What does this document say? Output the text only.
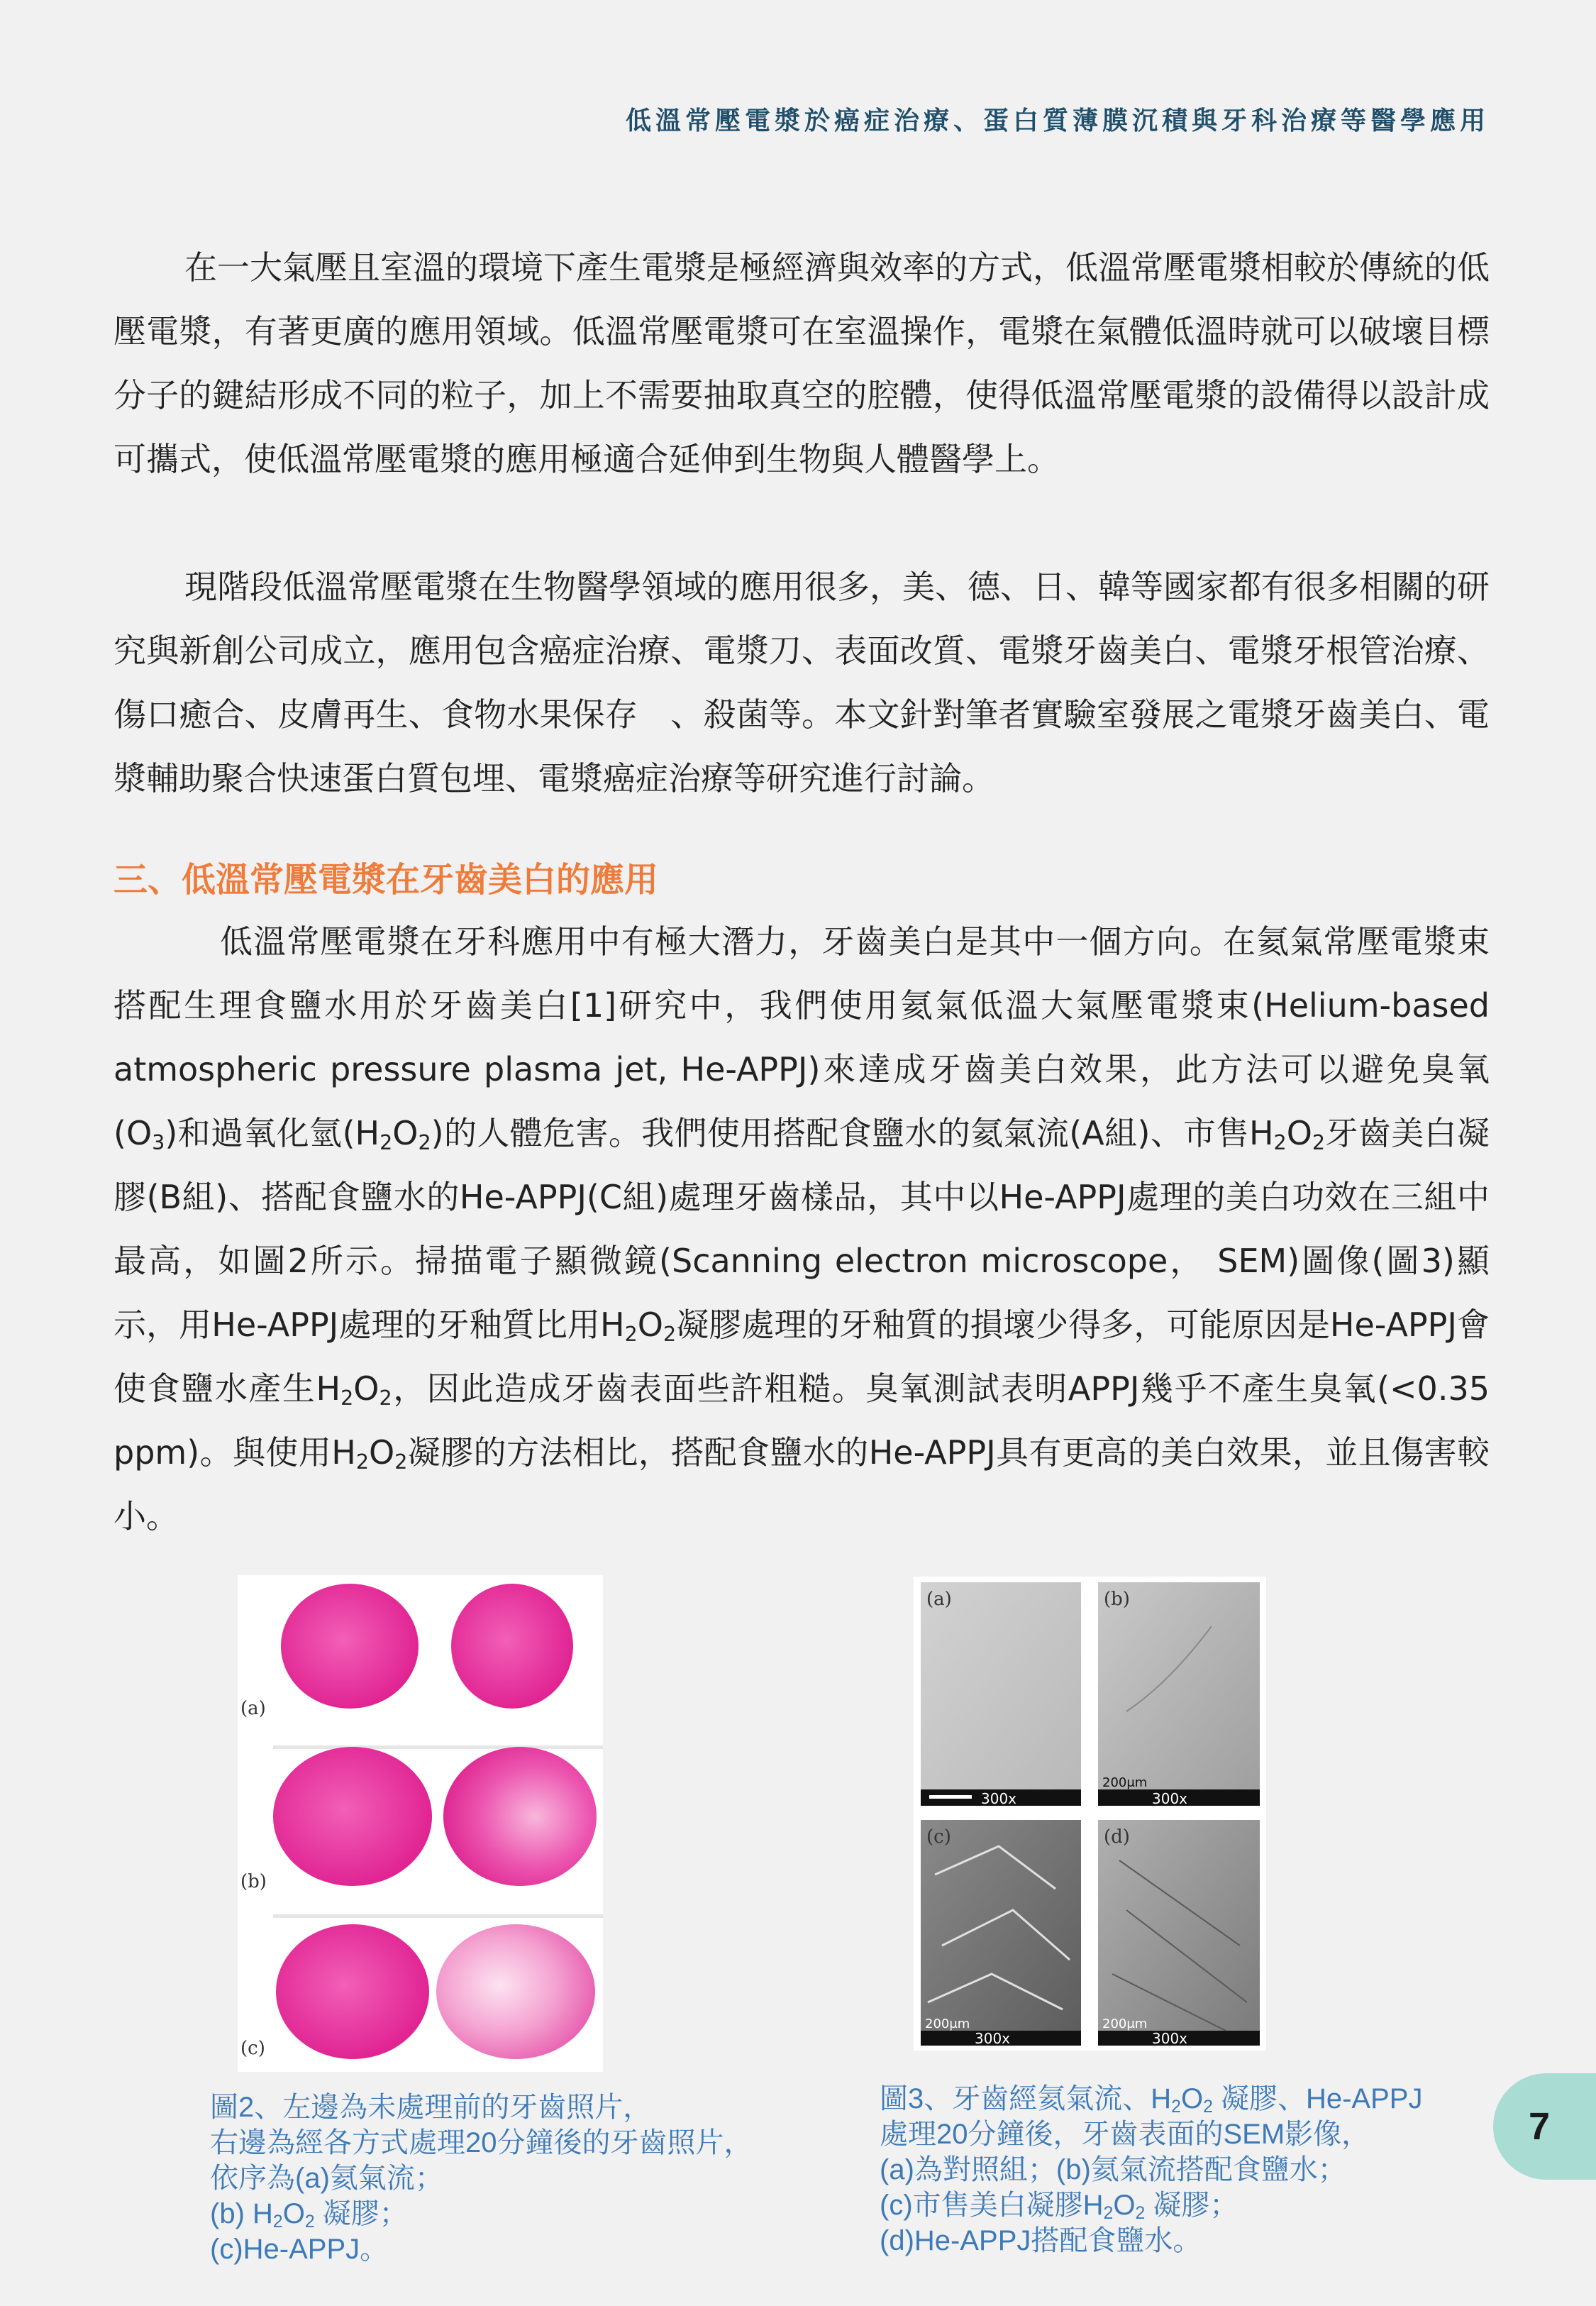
低溫常壓電漿於癌症治療、蛋白質薄膜沉積與牙科治療等醫學應用

在一大氣壓且室溫的環境下產生電漿是極經濟與效率的方式，低溫常壓電漿相較於傳統的低壓電漿，有著更廣的應用領域。低溫常壓電漿可在室溫操作，電漿在氣體低溫時就可以破壞目標分子的鍵結形成不同的粒子，加上不需要抽取真空的腔體，使得低溫常壓電漿的設備得以設計成可攜式，使低溫常壓電漿的應用極適合延伸到生物與人體醫學上。

現階段低溫常壓電漿在生物醫學領域的應用很多，美、德、日、韓等國家都有很多相關的研究與新創公司成立，應用包含癌症治療、電漿刀、表面改質、電漿牙齒美白、電漿牙根管治療、傷口癒合、皮膚再生、食物水果保存　、殺菌等。本文針對筆者實驗室發展之電漿牙齒美白、電漿輔助聚合快速蛋白質包埋、電漿癌症治療等研究進行討論。

三、低溫常壓電漿在牙齒美白的應用

低溫常壓電漿在牙科應用中有極大潛力，牙齒美白是其中一個方向。在氦氣常壓電漿束搭配生理食鹽水用於牙齒美白[1]研究中，我們使用氦氣低溫大氣壓電漿束(Helium-based atmospheric pressure plasma jet, He-APPJ)來達成牙齒美白效果，此方法可以避免臭氧$(O_3)$和過氧化氫$(H_2O_2)$的人體危害。我們使用搭配食鹽水的氦氣流(A組)、市售$H_2O_2$牙齒美白凝膠(B組)、搭配食鹽水的He-APPJ(C組)處理牙齒樣品，其中以He-APPJ處理的美白功效在三組中最高，如圖2所示。掃描電子顯微鏡(Scanning electron microscope， SEM)圖像(圖3)顯示，用He-APPJ處理的牙釉質比用$H_2O_2$凝膠處理的牙釉質的損壞少得多，可能原因是He-APPJ會使食鹽水產生$H_2O_2$，因此造成牙齒表面些許粗糙。臭氧測試表明APPJ幾乎不產生臭氧(<0.35　ppm)。與使用$H_2O_2$凝膠的方法相比，搭配食鹽水的He-APPJ具有更高的美白效果，並且傷害較小。

(a)
(b)
(c)
(a)
300x
(b)
200μm
300x
(c)
200μm
300x
(d)
200μm
300x
圖2、左邊為未處理前的牙齒照片，
右邊為經各方式處理20分鐘後的牙齒照片，
依序為(a)氦氣流；
(b) $H_2O_2$ 凝膠；
(c)He-APPJ。
圖3、牙齒經氦氣流、$H_2O_2$ 凝膠、He-APPJ
處理20分鐘後，牙齒表面的SEM影像，
(a)為對照組；(b)氦氣流搭配食鹽水；
(c)市售美白凝膠$H_2O_2$ 凝膠；
(d)He-APPJ搭配食鹽水。
7
